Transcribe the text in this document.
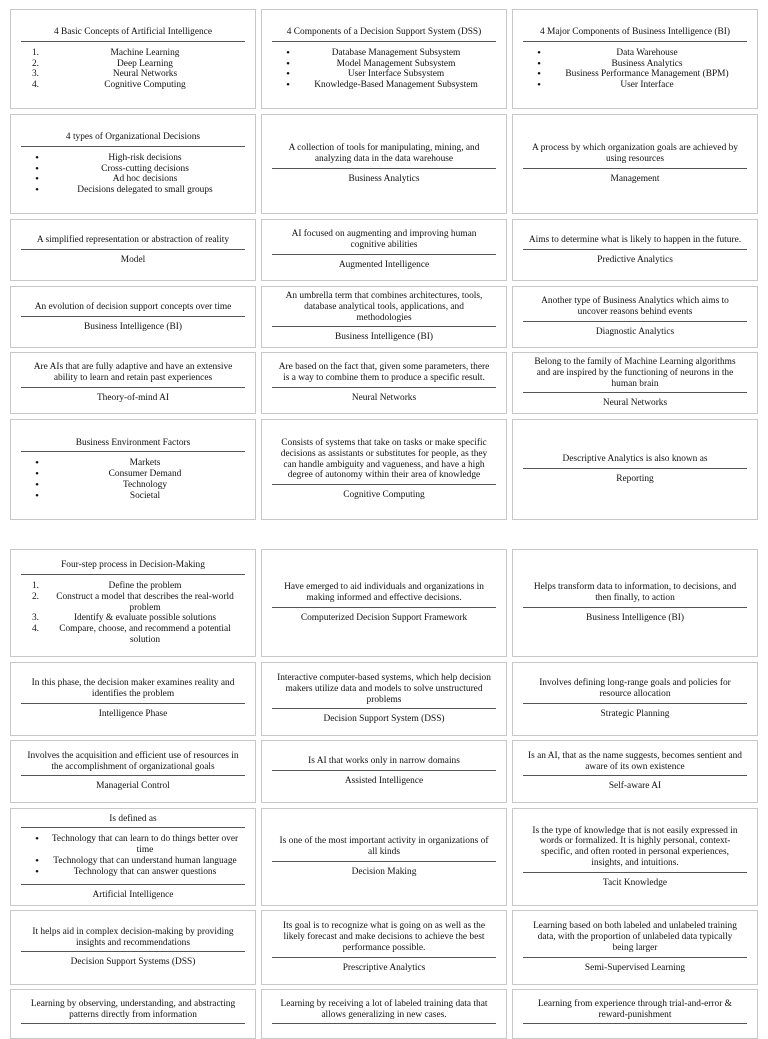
4 Basic Concepts of Artificial Intelligence
1.	Machine Learning
2.	Deep Learning
3.	Neural Networks
4.	Cognitive Computing
4 Components of a Decision Support System (DSS)
•	Database Management Subsystem
•	Model Management Subsystem
•	User Interface Subsystem
•	Knowledge-Based Management Subsystem
4 Major Components of Business Intelligence (BI)
•	Data Warehouse
•	Business Analytics
•	Business Performance Management (BPM)
•	User Interface
4 types of Organizational Decisions
•	High-risk decisions
•	Cross-cutting decisions
•	Ad hoc decisions
•	Decisions delegated to small groups
A collection of tools for manipulating, mining, and analyzing data in the data warehouse
Business Analytics
A process by which organization goals are achieved by using resources
Management
A simplified representation or abstraction of reality
Model
AI focused on augmenting and improving human cognitive abilities
Augmented Intelligence
Aims to determine what is likely to happen in the future.
Predictive Analytics
An evolution of decision support concepts over time
Business Intelligence (BI)
An umbrella term that combines architectures, tools, database analytical tools, applications, and methodologies
Business Intelligence (BI)
Another type of Business Analytics which aims to uncover reasons behind events
Diagnostic Analytics
Are AIs that are fully adaptive and have an extensive ability to learn and retain past experiences
Theory-of-mind AI
Are based on the fact that, given some parameters, there is a way to combine them to produce a specific result.
Neural Networks
Belong to the family of Machine Learning algorithms and are inspired by the functioning of neurons in the human brain
Neural Networks
Business Environment Factors
•	Markets
•	Consumer Demand
•	Technology
•	Societal
Consists of systems that take on tasks or make specific decisions as assistants or substitutes for people, as they can handle ambiguity and vagueness, and have a high degree of autonomy within their area of knowledge
Cognitive Computing
Descriptive Analytics is also known as
Reporting
Four-step process in Decision-Making
1.	Define the problem
2.	Construct a model that describes the real-world problem
3.	Identify & evaluate possible solutions
4.	Compare, choose, and recommend a potential solution
Have emerged to aid individuals and organizations in making informed and effective decisions.
Computerized Decision Support Framework
Helps transform data to information, to decisions, and then finally, to action
Business Intelligence (BI)
In this phase, the decision maker examines reality and identifies the problem
Intelligence Phase
Interactive computer-based systems, which help decision makers utilize data and models to solve unstructured problems
Decision Support System (DSS)
Involves defining long-range goals and policies for resource allocation
Strategic Planning
Involves the acquisition and efficient use of resources in the accomplishment of organizational goals
Managerial Control
Is AI that works only in narrow domains
Assisted Intelligence
Is an AI, that as the name suggests, becomes sentient and aware of its own existence
Self-aware AI
Is defined as
•	Technology that can learn to do things better over time
•	Technology that can understand human language
•	Technology that can answer questions
Artificial Intelligence
Is one of the most important activity in organizations of all kinds
Decision Making
Is the type of knowledge that is not easily expressed in words or formalized. It is highly personal, context-specific, and often rooted in personal experiences, insights, and intuitions.
Tacit Knowledge
It helps aid in complex decision-making by providing insights and recommendations
Decision Support Systems (DSS)
Its goal is to recognize what is going on as well as the likely forecast and make decisions to achieve the best performance possible.
Prescriptive Analytics
Learning based on both labeled and unlabeled training data, with the proportion of unlabeled data typically being larger
Semi-Supervised Learning
Learning by observing, understanding, and abstracting patterns directly from information
Learning by receiving a lot of labeled training data that allows generalizing in new cases.
Learning from experience through trial-and-error & reward-punishment
